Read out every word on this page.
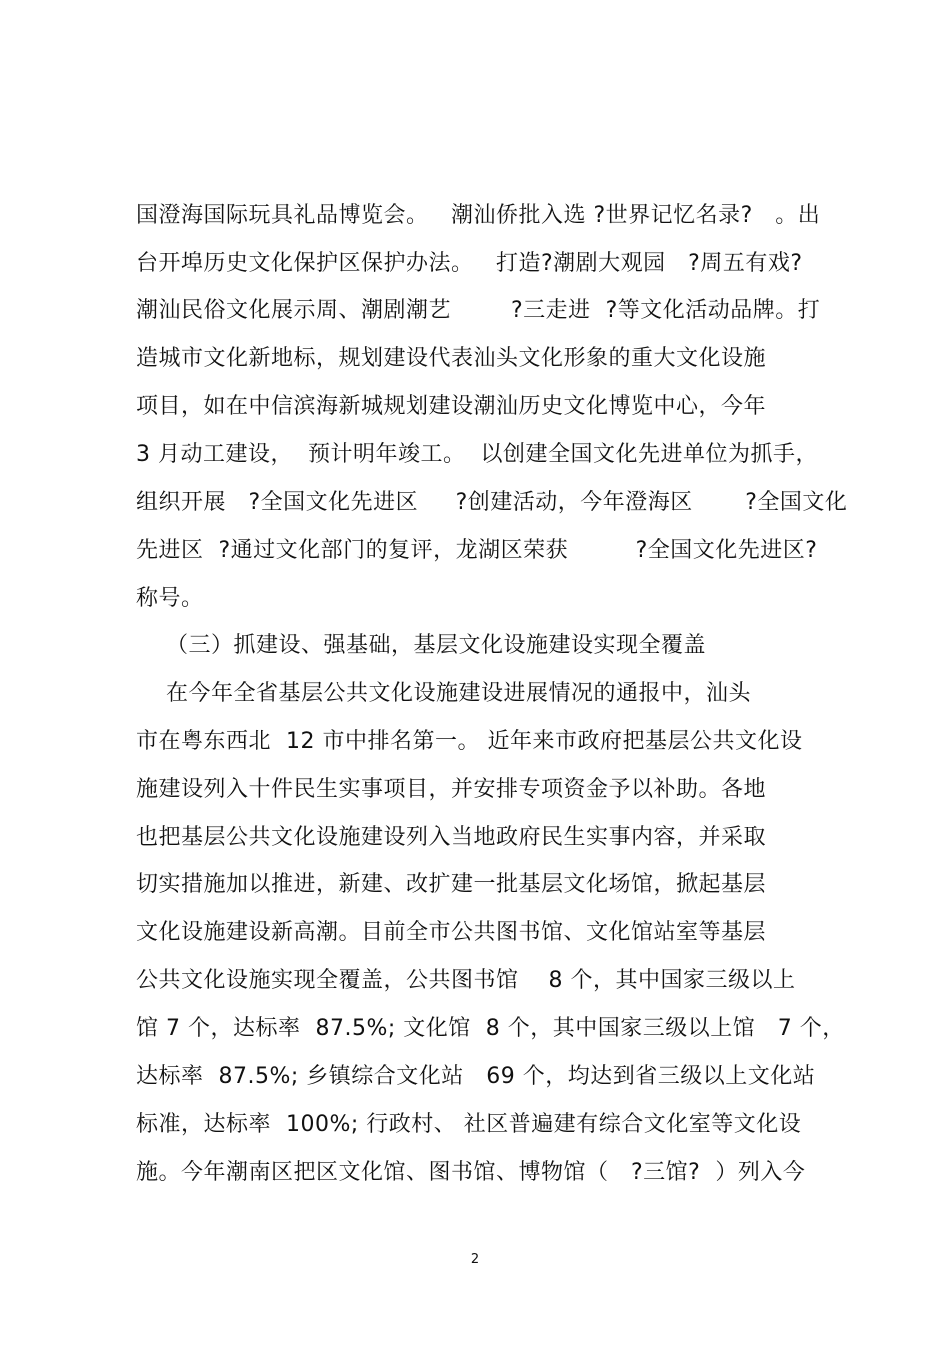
国澄海国际玩具礼品博览会。   潮汕侨批入选 ?世界记忆名录?   。出
台开埠历史文化保护区保护办法。   打造?潮剧大观园   ?周五有戏?
潮汕民俗文化展示周、潮剧潮艺        ?三走进  ?等文化活动品牌。打
造城市文化新地标，规划建设代表汕头文化形象的重大文化设施
项目，如在中信滨海新城规划建设潮汕历史文化博览中心，今年
3 月动工建设，  预计明年竣工。  以创建全国文化先进单位为抓手，
组织开展   ?全国文化先进区     ?创建活动，今年澄海区       ?全国文化
先进区  ?通过文化部门的复评，龙湖区荣获         ?全国文化先进区?
称号。
（三）抓建设、强基础，基层文化设施建设实现全覆盖
在今年全省基层公共文化设施建设进展情况的通报中，汕头
市在粤东西北  12 市中排名第一。 近年来市政府把基层公共文化设
施建设列入十件民生实事项目，并安排专项资金予以补助。各地
也把基层公共文化设施建设列入当地政府民生实事内容，并采取
切实措施加以推进，新建、改扩建一批基层文化场馆，掀起基层
文化设施建设新高潮。目前全市公共图书馆、文化馆站室等基层
公共文化设施实现全覆盖，公共图书馆    8 个，其中国家三级以上
馆 7 个，达标率  87.5%; 文化馆  8 个，其中国家三级以上馆   7 个，
达标率  87.5%; 乡镇综合文化站   69 个，均达到省三级以上文化站
标准，达标率  100%; 行政村、 社区普遍建有综合文化室等文化设
施。今年潮南区把区文化馆、图书馆、博物馆（   ?三馆?  ）列入今
2
